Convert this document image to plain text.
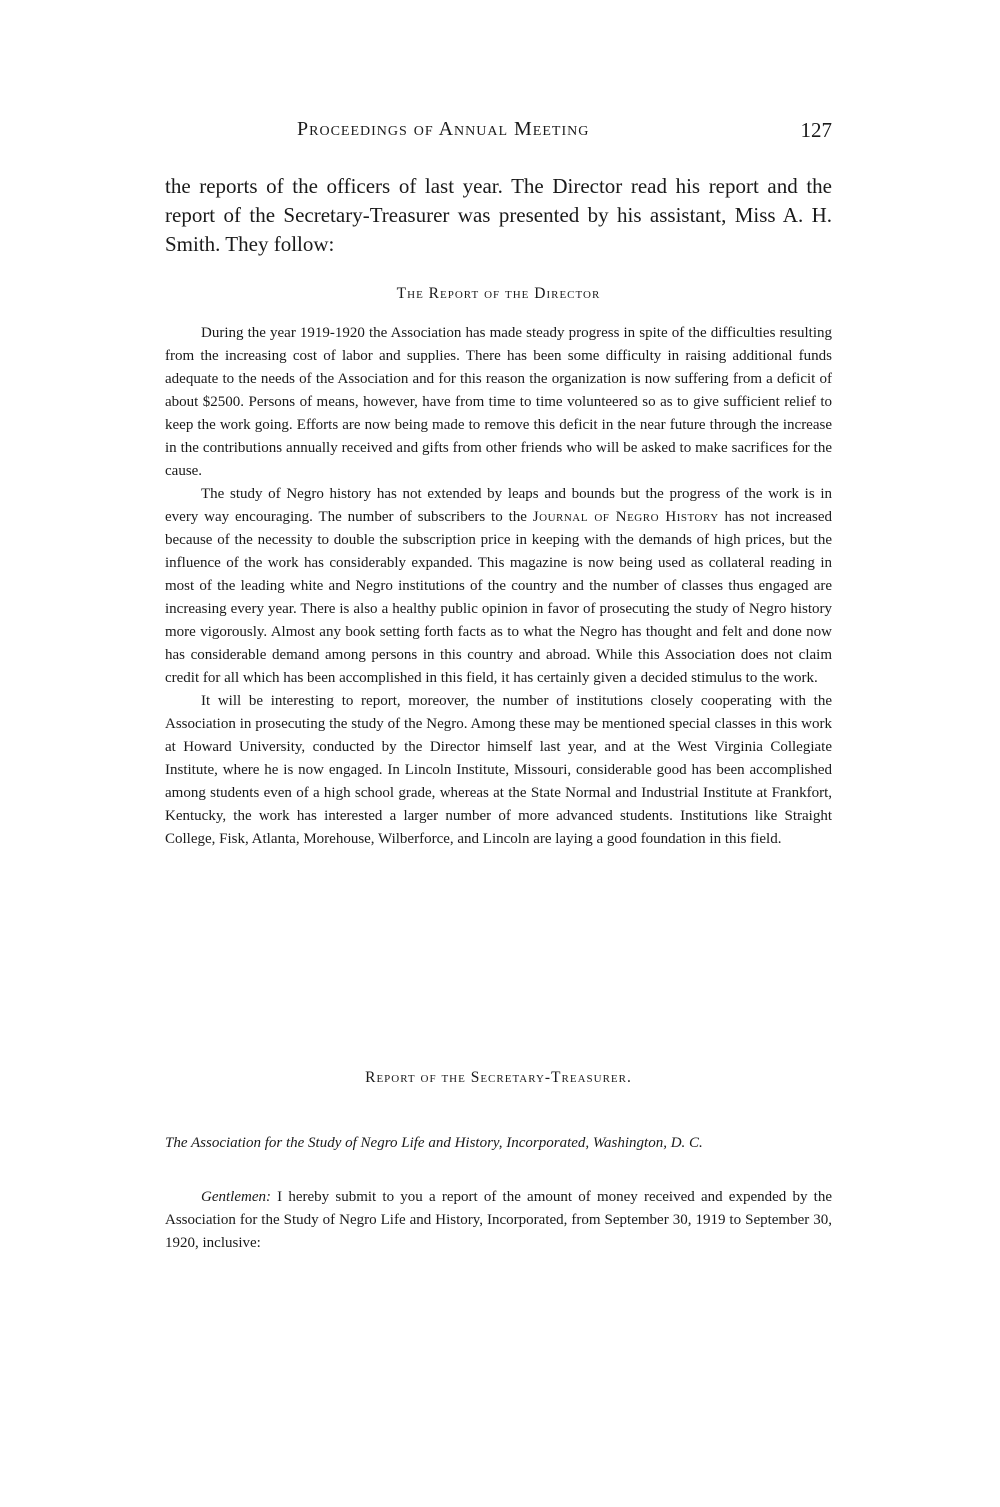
Proceedings of Annual Meeting	127

the reports of the officers of last year. The Director read his report and the report of the Secretary-Treasurer was presented by his assistant, Miss A. H. Smith. They follow:

The Report of the Director

During the year 1919-1920 the Association has made steady progress in spite of the difficulties resulting from the increasing cost of labor and supplies. There has been some difficulty in raising additional funds adequate to the needs of the Association and for this reason the organization is now suffering from a deficit of about $2500. Persons of means, however, have from time to time volunteered so as to give sufficient relief to keep the work going. Efforts are now being made to remove this deficit in the near future through the increase in the contributions annually received and gifts from other friends who will be asked to make sacrifices for the cause.

The study of Negro history has not extended by leaps and bounds but the progress of the work is in every way encouraging. The number of subscribers to the Journal of Negro History has not increased because of the necessity to double the subscription price in keeping with the demands of high prices, but the influence of the work has considerably expanded. This magazine is now being used as collateral reading in most of the leading white and Negro institutions of the country and the number of classes thus engaged are increasing every year. There is also a healthy public opinion in favor of prosecuting the study of Negro history more vigorously. Almost any book setting forth facts as to what the Negro has thought and felt and done now has considerable demand among persons in this country and abroad. While this Association does not claim credit for all which has been accomplished in this field, it has certainly given a decided stimulus to the work.

It will be interesting to report, moreover, the number of institutions closely cooperating with the Association in prosecuting the study of the Negro. Among these may be mentioned special classes in this work at Howard University, conducted by the Director himself last year, and at the West Virginia Collegiate Institute, where he is now engaged. In Lincoln Institute, Missouri, considerable good has been accomplished among students even of a high school grade, whereas at the State Normal and Industrial Institute at Frankfort, Kentucky, the work has interested a larger number of more advanced students. Institutions like Straight College, Fisk, Atlanta, Morehouse, Wilberforce, and Lincoln are laying a good foundation in this field.

Report of the Secretary-Treasurer.

The Association for the Study of Negro Life and History, Incorporated, Washington, D. C.

Gentlemen: I hereby submit to you a report of the amount of money received and expended by the Association for the Study of Negro Life and History, Incorporated, from September 30, 1919 to September 30, 1920, inclusive:
